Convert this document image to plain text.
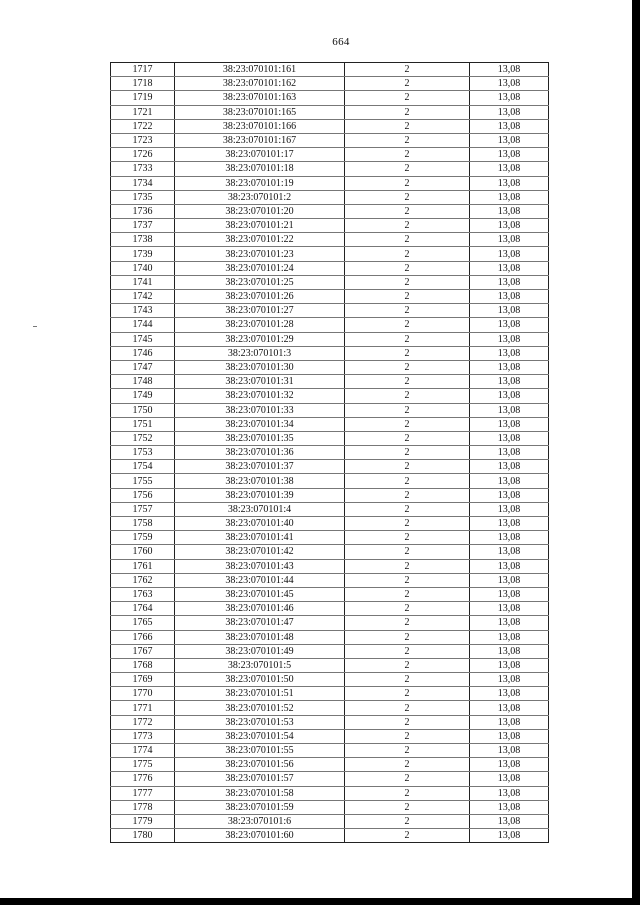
664
1717	38:23:070101:161	2	13,08
1718	38:23:070101:162	2	13,08
1719	38:23:070101:163	2	13,08
1721	38:23:070101:165	2	13,08
1722	38:23:070101:166	2	13,08
1723	38:23:070101:167	2	13,08
1726	38:23:070101:17	2	13,08
1733	38:23:070101:18	2	13,08
1734	38:23:070101:19	2	13,08
1735	38:23:070101:2	2	13,08
1736	38:23:070101:20	2	13,08
1737	38:23:070101:21	2	13,08
1738	38:23:070101:22	2	13,08
1739	38:23:070101:23	2	13,08
1740	38:23:070101:24	2	13,08
1741	38:23:070101:25	2	13,08
1742	38:23:070101:26	2	13,08
1743	38:23:070101:27	2	13,08
1744	38:23:070101:28	2	13,08
1745	38:23:070101:29	2	13,08
1746	38:23:070101:3	2	13,08
1747	38:23:070101:30	2	13,08
1748	38:23:070101:31	2	13,08
1749	38:23:070101:32	2	13,08
1750	38:23:070101:33	2	13,08
1751	38:23:070101:34	2	13,08
1752	38:23:070101:35	2	13,08
1753	38:23:070101:36	2	13,08
1754	38:23:070101:37	2	13,08
1755	38:23:070101:38	2	13,08
1756	38:23:070101:39	2	13,08
1757	38:23:070101:4	2	13,08
1758	38:23:070101:40	2	13,08
1759	38:23:070101:41	2	13,08
1760	38:23:070101:42	2	13,08
1761	38:23:070101:43	2	13,08
1762	38:23:070101:44	2	13,08
1763	38:23:070101:45	2	13,08
1764	38:23:070101:46	2	13,08
1765	38:23:070101:47	2	13,08
1766	38:23:070101:48	2	13,08
1767	38:23:070101:49	2	13,08
1768	38:23:070101:5	2	13,08
1769	38:23:070101:50	2	13,08
1770	38:23:070101:51	2	13,08
1771	38:23:070101:52	2	13,08
1772	38:23:070101:53	2	13,08
1773	38:23:070101:54	2	13,08
1774	38:23:070101:55	2	13,08
1775	38:23:070101:56	2	13,08
1776	38:23:070101:57	2	13,08
1777	38:23:070101:58	2	13,08
1778	38:23:070101:59	2	13,08
1779	38:23:070101:6	2	13,08
1780	38:23:070101:60	2	13,08
